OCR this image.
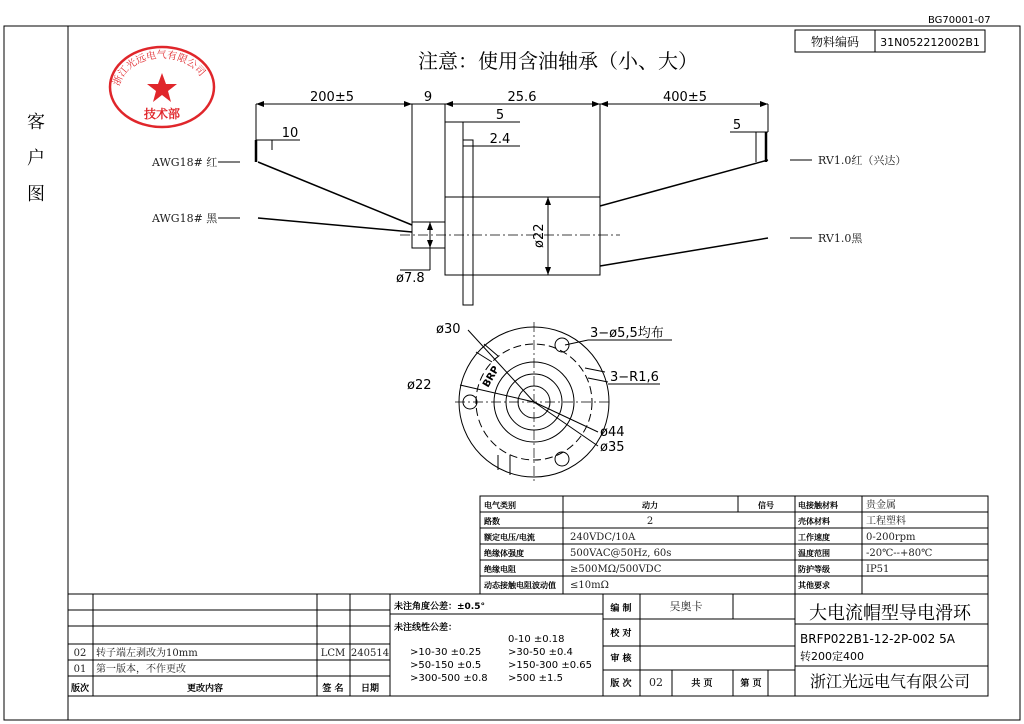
BG70001-07
客户图
物料编码 31N052212002B1
注意：使用含油轴承（小、大）
浙江光远电气有限公司
技术部
200±5	9	25.6	400±5
10
5
2.4
5
ø22
ø7.8
AWG18# 红
AWG18# 黑
RV1.0红（兴达）
RV1.0黑
ø30
ø22
3−ø5,5均布
3−R1,6
ø44
ø35
BRP
电气类别	动力	信号	电接触材料	贵金属
路数	2	壳体材料	工程塑料
额定电压/电流	240VDC/10A	工作速度	0-200rpm
绝缘体强度	500VAC@50Hz, 60s	温度范围	-20℃--+80℃
绝缘电阻	≥500MΩ/500VDC	防护等级	IP51
动态接触电阻波动值 ≤10mΩ	其他要求
版次	更改内容	签 名 日期
02 转子端左剥改为10mm	LCM 240514
01 第一版本，不作更改
未注角度公差：±0.5°
未注线性公差：
0-10 ±0.18
>10-30 ±0.25	>30-50 ±0.4
>50-150 ±0.5	>150-300 ±0.65
>300-500 ±0.8 >500 ±1.5
编 制	吴奥卡
校 对
审 核
版 次 02	共 页	第 页
大电流帽型导电滑环
BRFP022B1-12-2P-002 5A
转200定400
浙江光远电气有限公司
